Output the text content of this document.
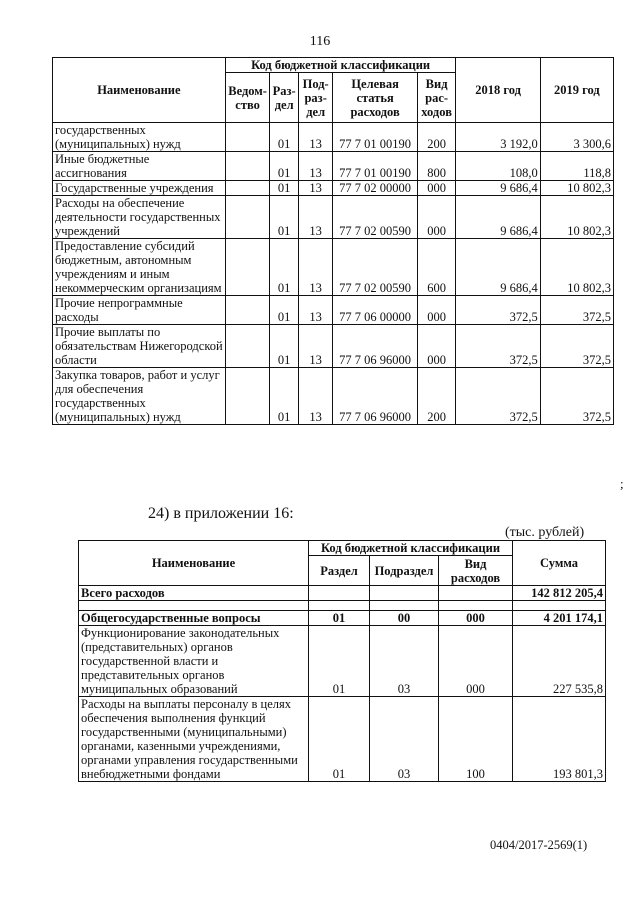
116
Наименование	Код бюджетной классификации					2018 год	2019 год
	Ведом-ство	Раз-дел	Под-раз-дел	Целевая статья расходов	Вид рас-ходов		
государственных (муниципальных) нужд		01	13	77 7 01 00190	200	3 192,0	3 300,6
Иные бюджетные ассигнования		01	13	77 7 01 00190	800	108,0	118,8
Государственные учреждения		01	13	77 7 02 00000	000	9 686,4	10 802,3
Расходы на обеспечение деятельности государственных учреждений		01	13	77 7 02 00590	000	9 686,4	10 802,3
Предоставление субсидий бюджетным, автономным учреждениям и иным некоммерческим организациям		01	13	77 7 02 00590	600	9 686,4	10 802,3
Прочие непрограммные расходы		01	13	77 7 06 00000	000	372,5	372,5
Прочие выплаты по обязательствам Нижегородской области		01	13	77 7 06 96000	000	372,5	372,5
Закупка товаров, работ и услуг для обеспечения государственных (муниципальных) нужд		01	13	77 7 06 96000	200	372,5	372,5
;
24) в приложении 16:
(тыс. рублей)
Наименование	Код бюджетной классификации			Сумма
	Раздел	Подраздел	Вид расходов	
Всего расходов				142 812 205,4

Общегосударственные вопросы	01	00	000	4 201 174,1
Функционирование законодательных (представительных) органов государственной власти и представительных органов муниципальных образований	01	03	000	227 535,8
Расходы на выплаты персоналу в целях обеспечения выполнения функций государственными (муниципальными) органами, казенными учреждениями, органами управления государственными внебюджетными фондами	01	03	100	193 801,3
0404/2017-2569(1)
